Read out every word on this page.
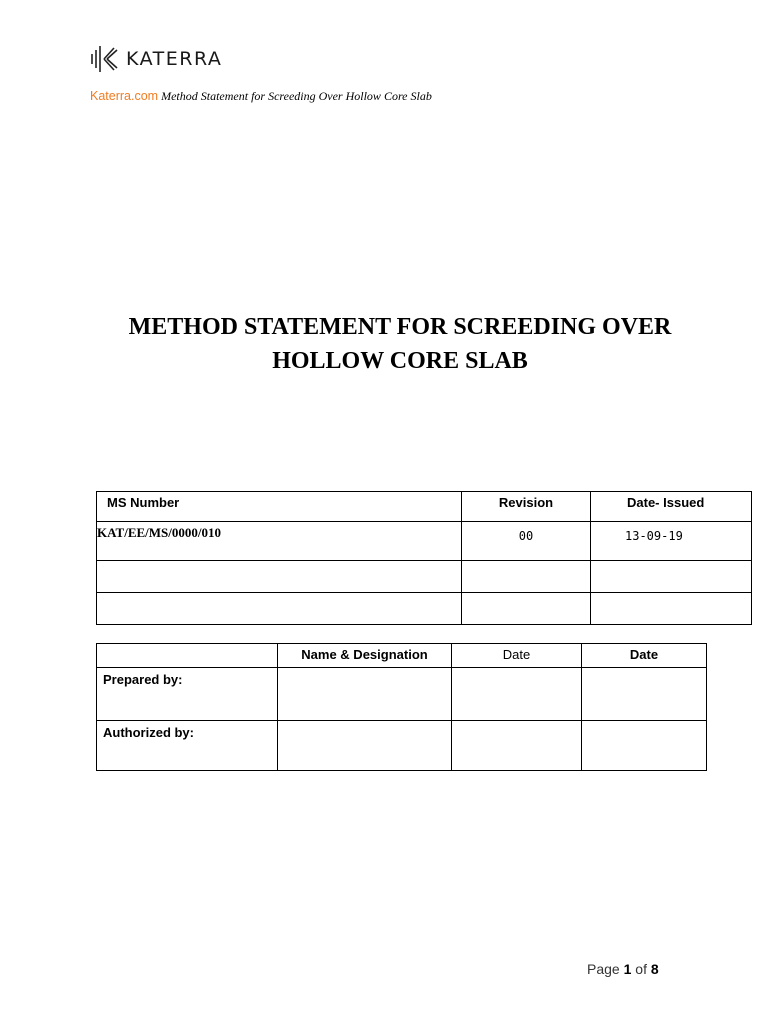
KATERRA
Katerra.com Method Statement for Screeding Over Hollow Core Slab
METHOD STATEMENT FOR SCREEDING OVER
HOLLOW CORE SLAB
MS Number	Revision	Date- Issued
KAT/EE/MS/0000/010	00	13-09-19

	Name & Designation	Date	Date
Prepared by:			
Authorized by:			
Page 1 of 8
